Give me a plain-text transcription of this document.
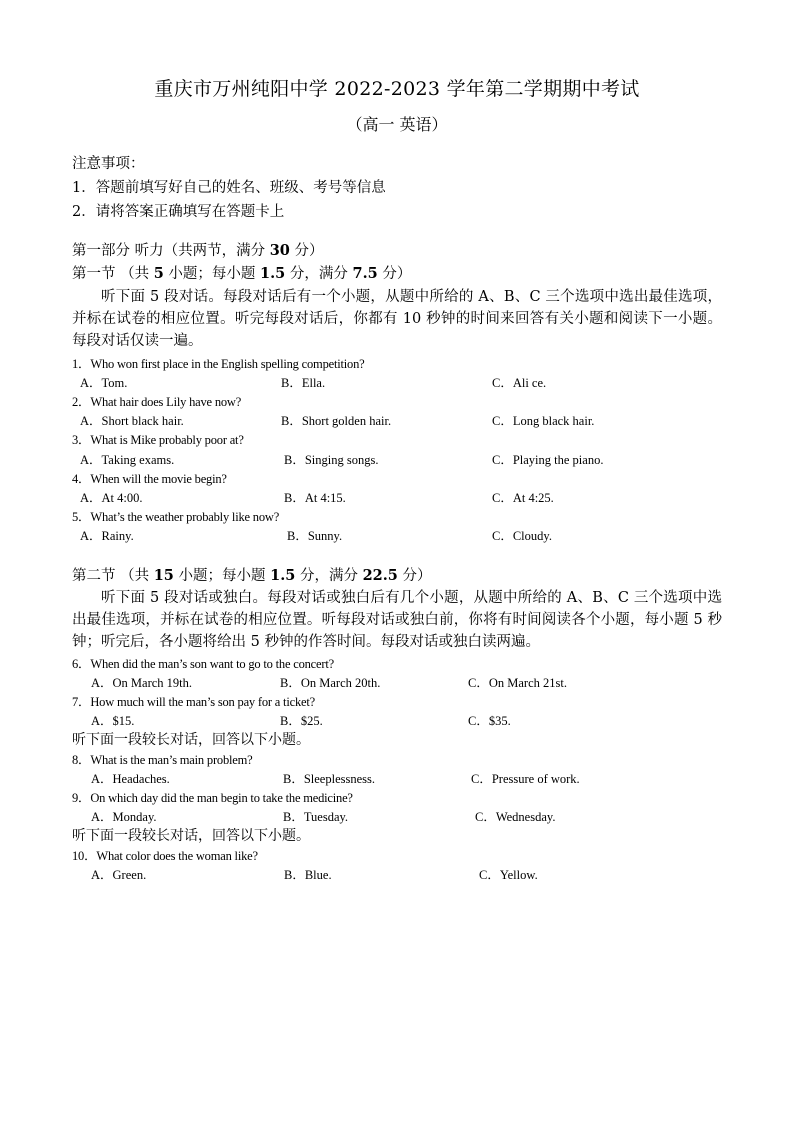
重庆市万州纯阳中学 2022-2023 学年第二学期期中考试
（高一 英语）
注意事项：
1．答题前填写好自己的姓名、班级、考号等信息
2．请将答案正确填写在答题卡上
第一部分 听力（共两节，满分 30 分）
第一节 （共 5 小题；每小题 1.5 分，满分 7.5 分）
听下面 5 段对话。每段对话后有一个小题，从题中所给的 A、B、C 三个选项中选出最佳选项，并标在试卷的相应位置。听完每段对话后，你都有 10 秒钟的时间来回答有关小题和阅读下一小题。每段对话仅读一遍。
1．Who won first place in the English spelling competition?
A．Tom.	B．Ella.	C．Ali ce.
2．What hair does Lily have now?
A．Short black hair.	B．Short golden hair.	C．Long black hair.
3．What is Mike probably poor at?
A．Taking exams.	B．Singing songs.	C．Playing the piano.
4．When will the movie begin?
A．At 4:00.	B．At 4:15.	C．At 4:25.
5．What’s the weather probably like now?
A．Rainy.	B．Sunny.	C．Cloudy.
第二节 （共 15 小题；每小题 1.5 分，满分 22.5 分）
听下面 5 段对话或独白。每段对话或独白后有几个小题，从题中所给的 A、B、C 三个选项中选出最佳选项，并标在试卷的相应位置。听每段对话或独白前，你将有时间阅读各个小题，每小题 5 秒钟；听完后，各小题将给出 5 秒钟的作答时间。每段对话或独白读两遍。
6．When did the man’s son want to go to the concert?
A．On March 19th.	B．On March 20th.	C．On March 21st.
7．How much will the man’s son pay for a ticket?
A．$15.	B．$25.	C．$35.
听下面一段较长对话，回答以下小题。
8．What is the man’s main problem?
A．Headaches.	B．Sleeplessness.	C．Pressure of work.
9．On which day did the man begin to take the medicine?
A．Monday.	B．Tuesday.	C．Wednesday.
听下面一段较长对话，回答以下小题。
10．What color does the woman like?
A．Green.	B．Blue.	C．Yellow.
